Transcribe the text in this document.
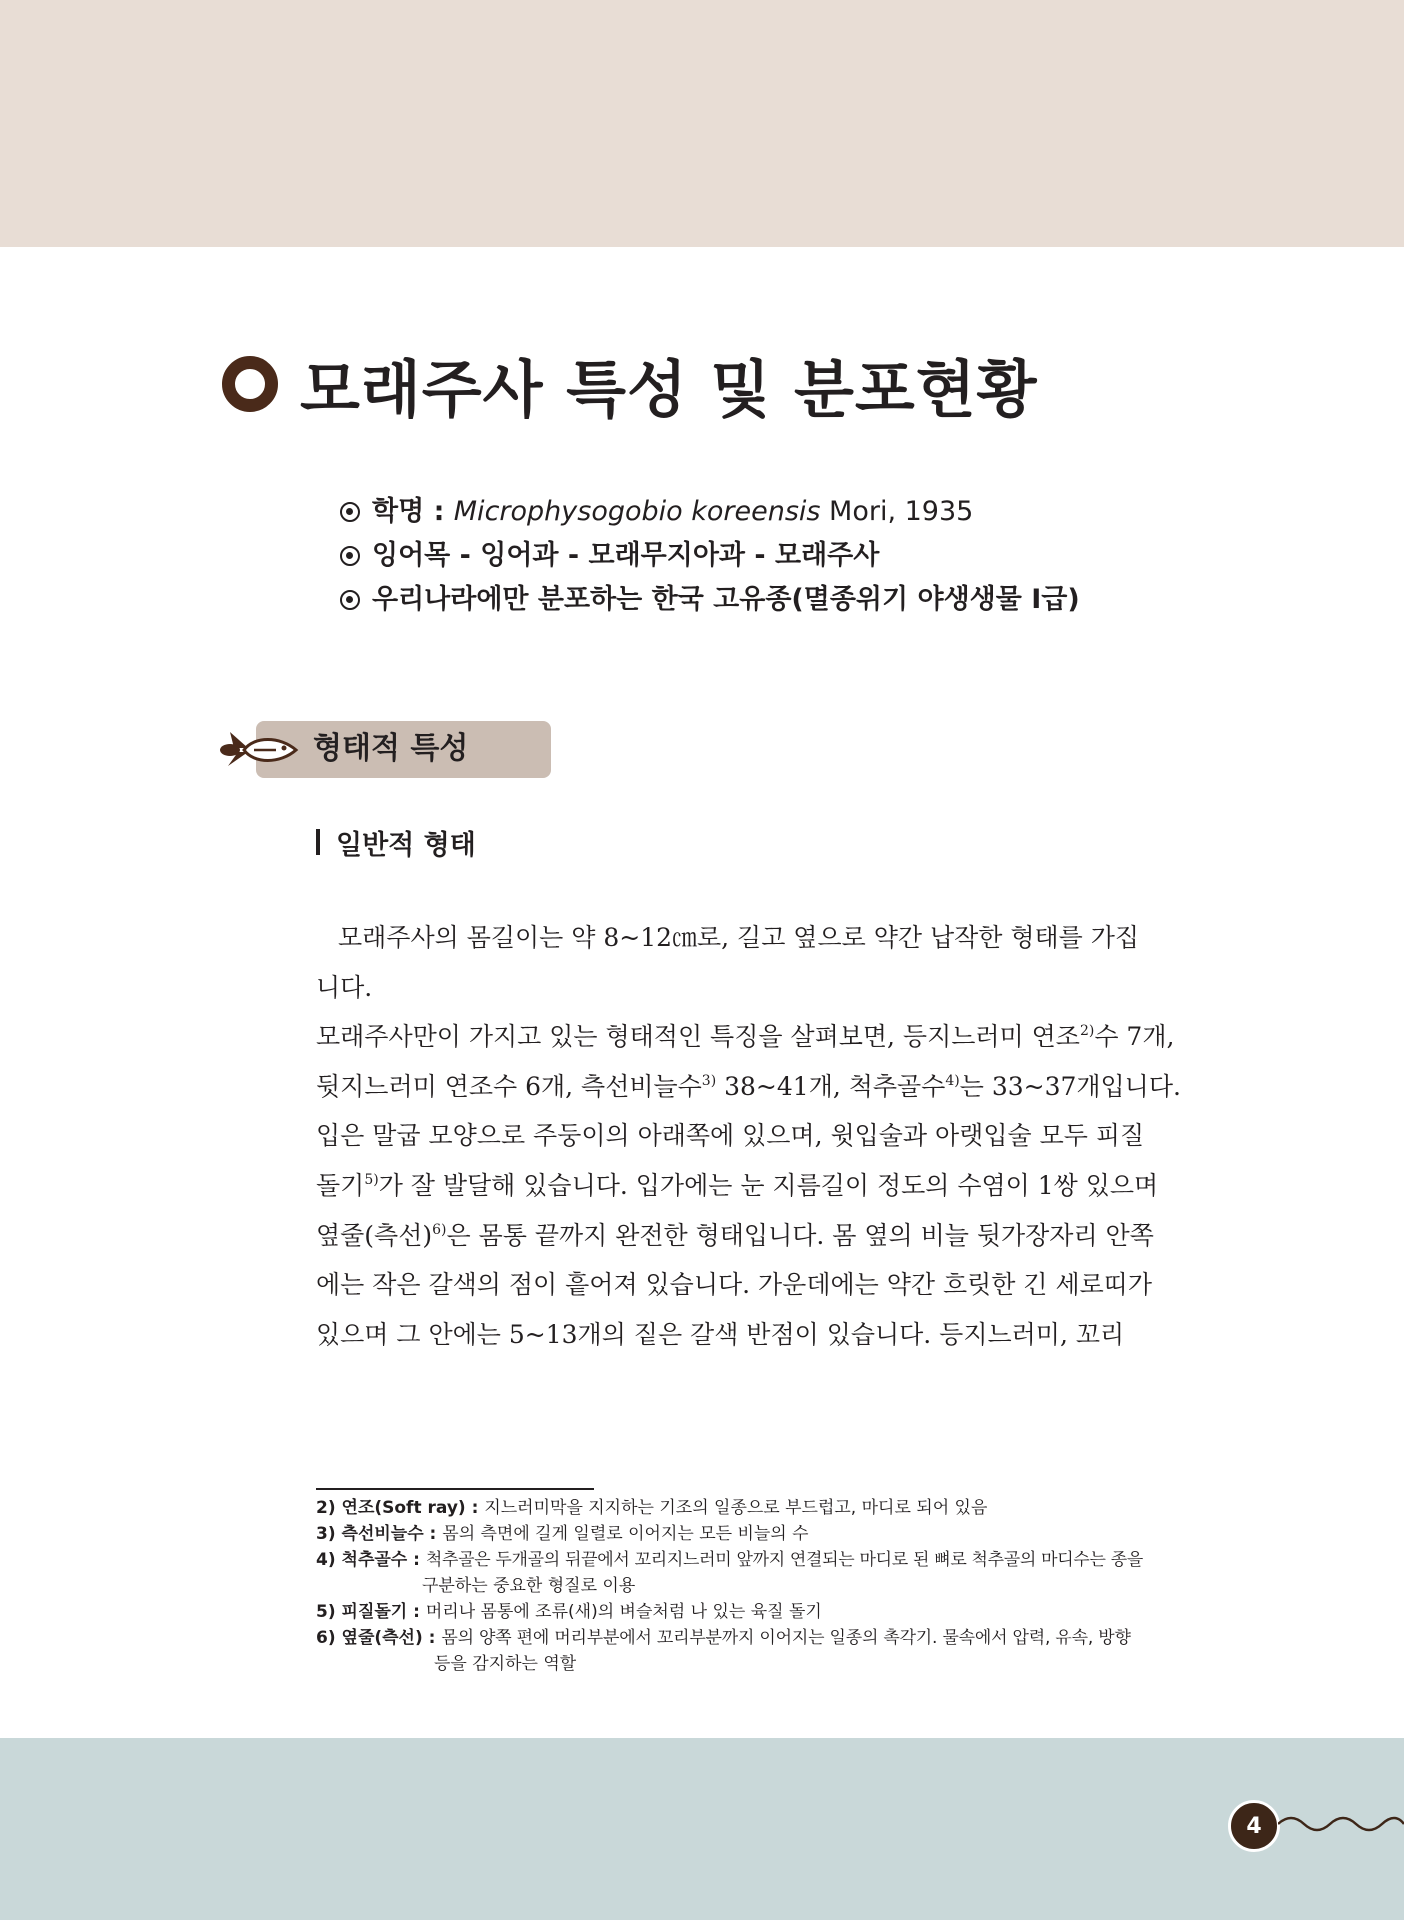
모래주사 특성 및 분포현황
학명 : Microphysogobio koreensis Mori, 1935
잉어목 - 잉어과 - 모래무지아과 - 모래주사
우리나라에만 분포하는 한국 고유종(멸종위기 야생생물 I급)
형태적 특성
일반적 형태
모래주사의 몸길이는 약 8~12㎝로, 길고 옆으로 약간 납작한 형태를 가집
니다.
모래주사만이 가지고 있는 형태적인 특징을 살펴보면, 등지느러미 연조$^{2)}$수 7개,
뒷지느러미 연조수 6개, 측선비늘수$^{3)}$ 38~41개, 척추골수$^{4)}$는 33~37개입니다.
입은 말굽 모양으로 주둥이의 아래쪽에 있으며, 윗입술과 아랫입술 모두 피질
돌기$^{5)}$가 잘 발달해 있습니다. 입가에는 눈 지름길이 정도의 수염이 1쌍 있으며
옆줄(측선)$^{6)}$은 몸통 끝까지 완전한 형태입니다. 몸 옆의 비늘 뒷가장자리 안쪽
에는 작은 갈색의 점이 흩어져 있습니다. 가운데에는 약간 흐릿한 긴 세로띠가
있으며 그 안에는 5~13개의 짙은 갈색 반점이 있습니다. 등지느러미, 꼬리
2) 연조(Soft ray) : 지느러미막을 지지하는 기조의 일종으로 부드럽고, 마디로 되어 있음
3) 측선비늘수 : 몸의 측면에 길게 일렬로 이어지는 모든 비늘의 수
4) 척추골수 : 척추골은 두개골의 뒤끝에서 꼬리지느러미 앞까지 연결되는 마디로 된 뼈로 척추골의 마디수는 종을
구분하는 중요한 형질로 이용
5) 피질돌기 : 머리나 몸통에 조류(새)의 벼슬처럼 나 있는 육질 돌기
6) 옆줄(측선) : 몸의 양쪽 편에 머리부분에서 꼬리부분까지 이어지는 일종의 촉각기. 물속에서 압력, 유속, 방향
등을 감지하는 역할
4
